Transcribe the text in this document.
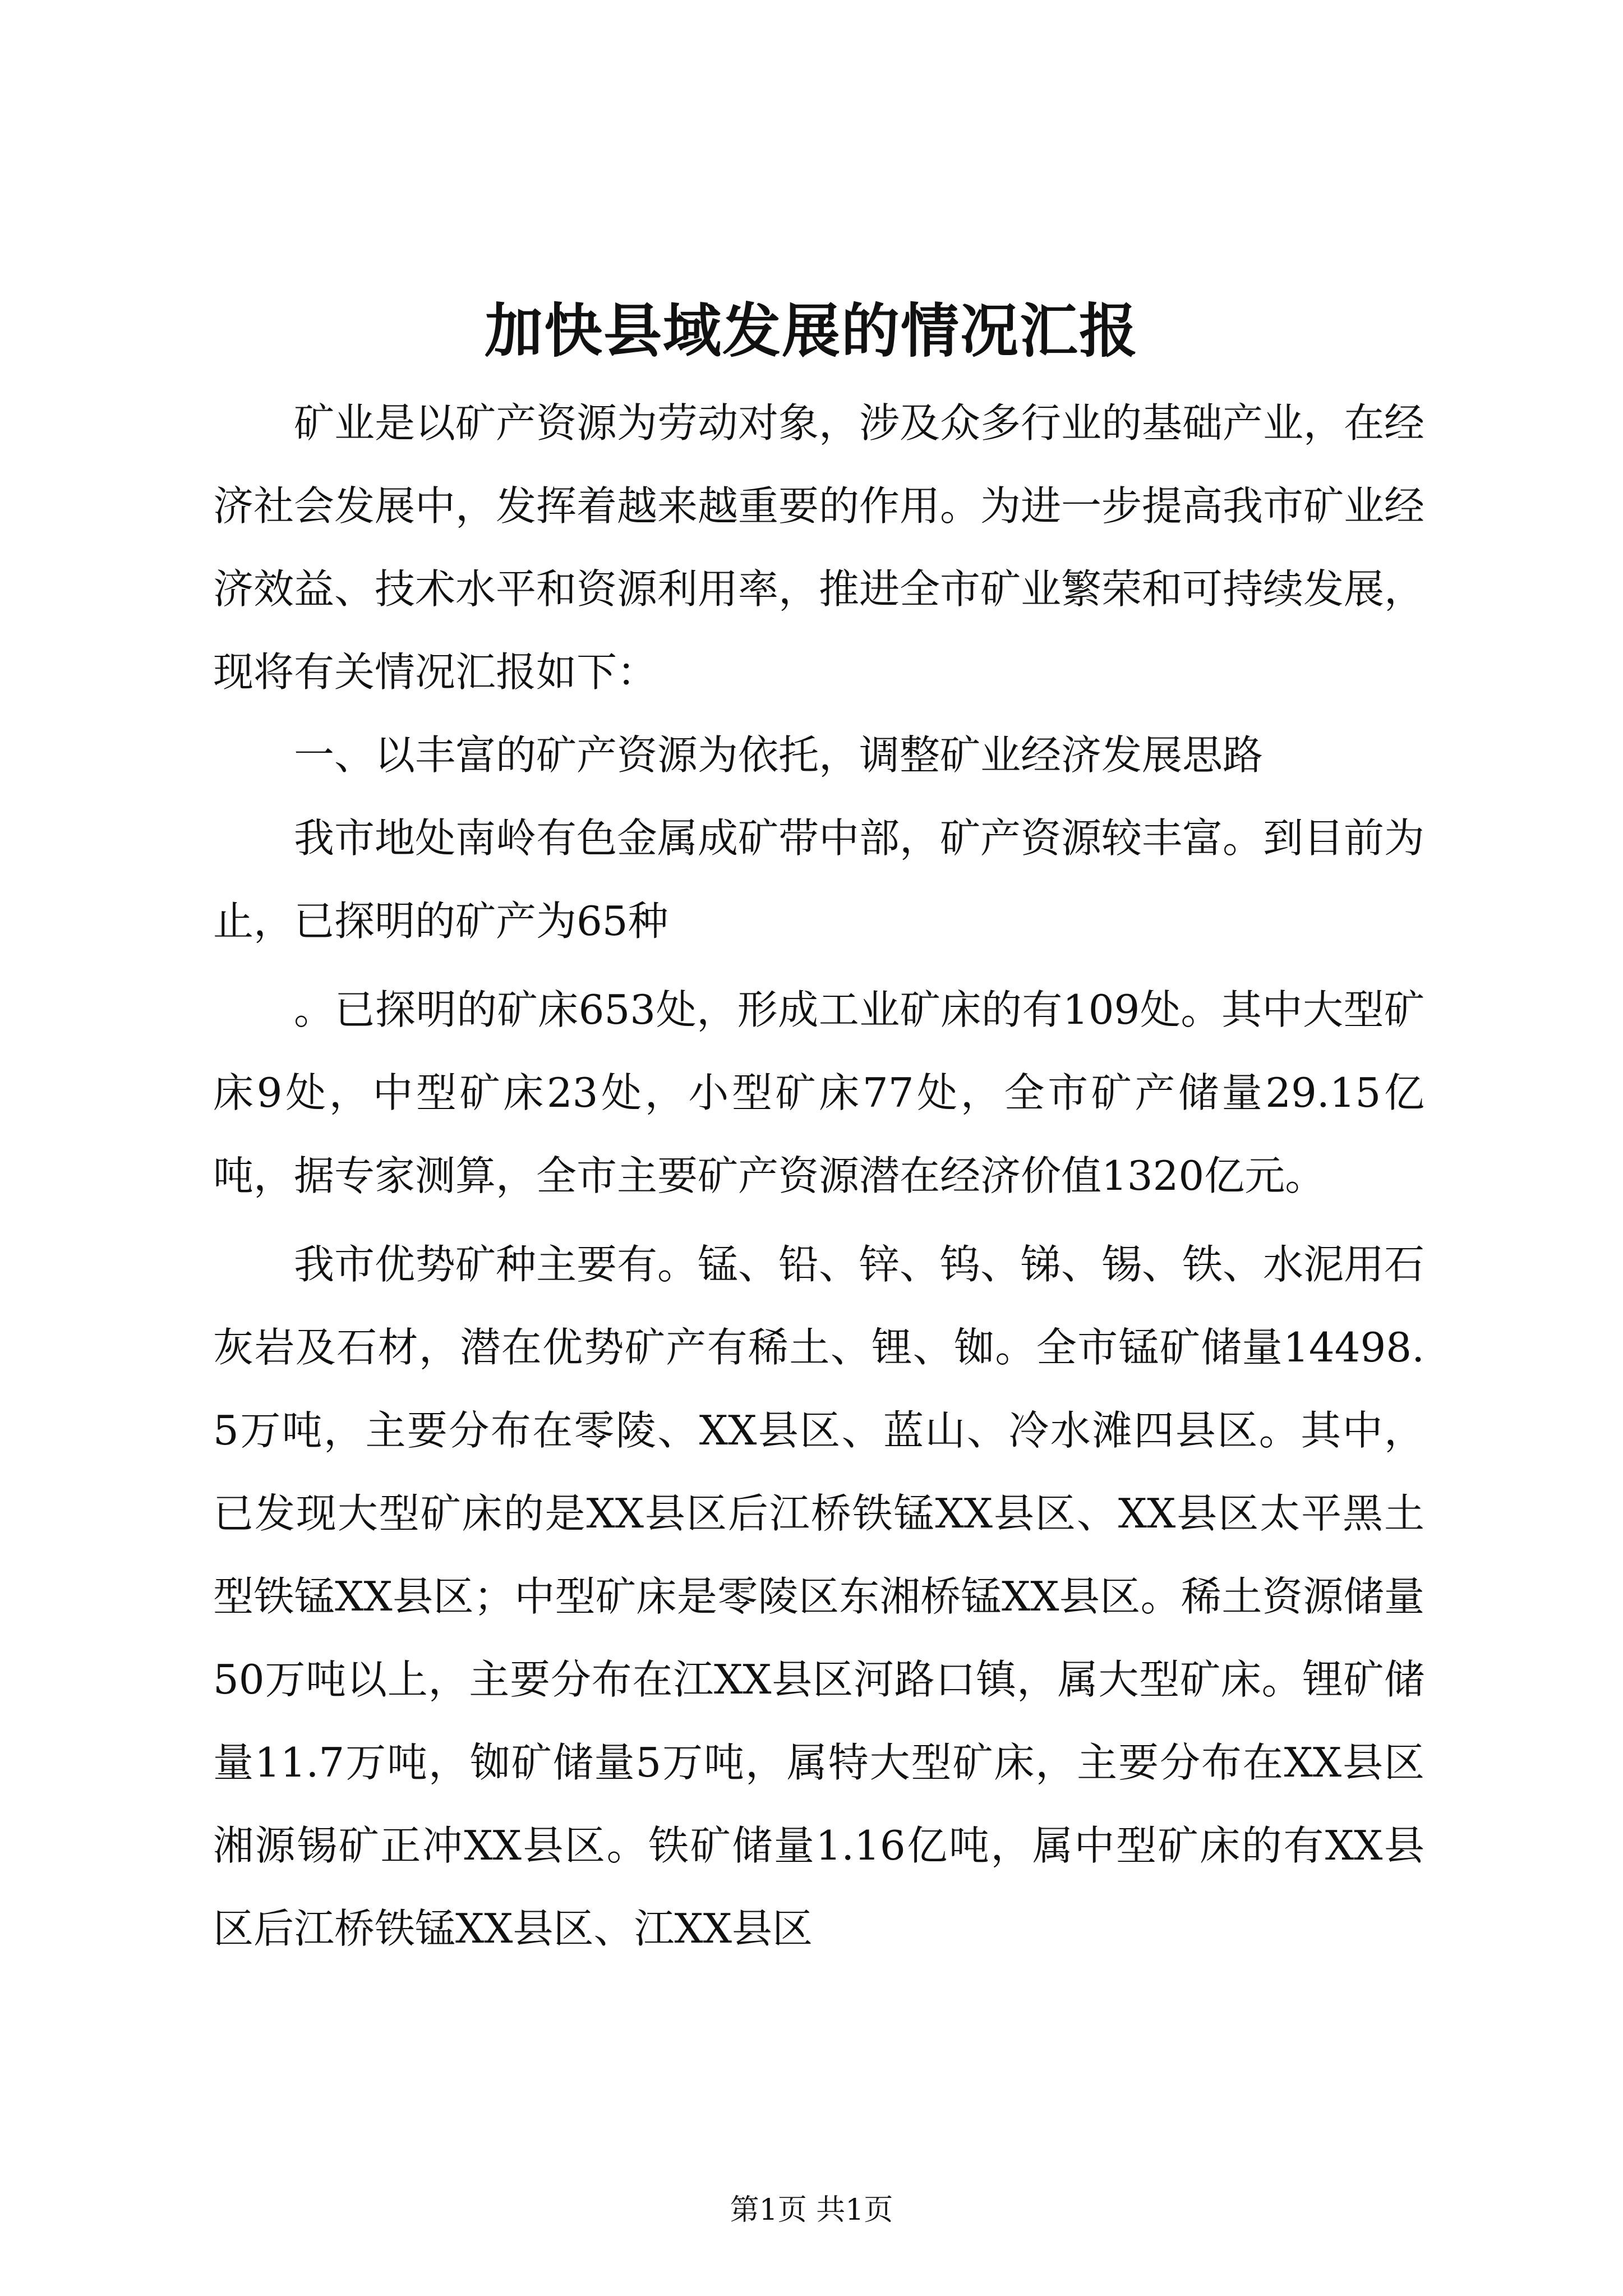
加快县域发展的情况汇报

矿业是以矿产资源为劳动对象，涉及众多行业的基础产业，在经济社会发展中，发挥着越来越重要的作用。为进一步提高我市矿业经济效益、技术水平和资源利用率，推进全市矿业繁荣和可持续发展，现将有关情况汇报如下：

一、以丰富的矿产资源为依托，调整矿业经济发展思路

我市地处南岭有色金属成矿带中部，矿产资源较丰富。到目前为止，已探明的矿产为65种

。已探明的矿床653处，形成工业矿床的有109处。其中大型矿床9处，中型矿床23处，小型矿床77处，全市矿产储量29.15亿吨，据专家测算，全市主要矿产资源潜在经济价值1320亿元。

我市优势矿种主要有。锰、铅、锌、钨、锑、锡、铁、水泥用石灰岩及石材，潜在优势矿产有稀土、锂、铷。全市锰矿储量14498.5万吨，主要分布在零陵、XX县区、蓝山、冷水滩四县区。其中，已发现大型矿床的是XX县区后江桥铁锰XX县区、XX县区太平黑土型铁锰XX县区；中型矿床是零陵区东湘桥锰XX县区。稀土资源储量50万吨以上，主要分布在江XX县区河路口镇，属大型矿床。锂矿储量11.7万吨，铷矿储量5万吨，属特大型矿床，主要分布在XX县区湘源锡矿正冲XX县区。铁矿储量1.16亿吨，属中型矿床的有XX县区后江桥铁锰XX县区、江XX县区

第1页 共1页
